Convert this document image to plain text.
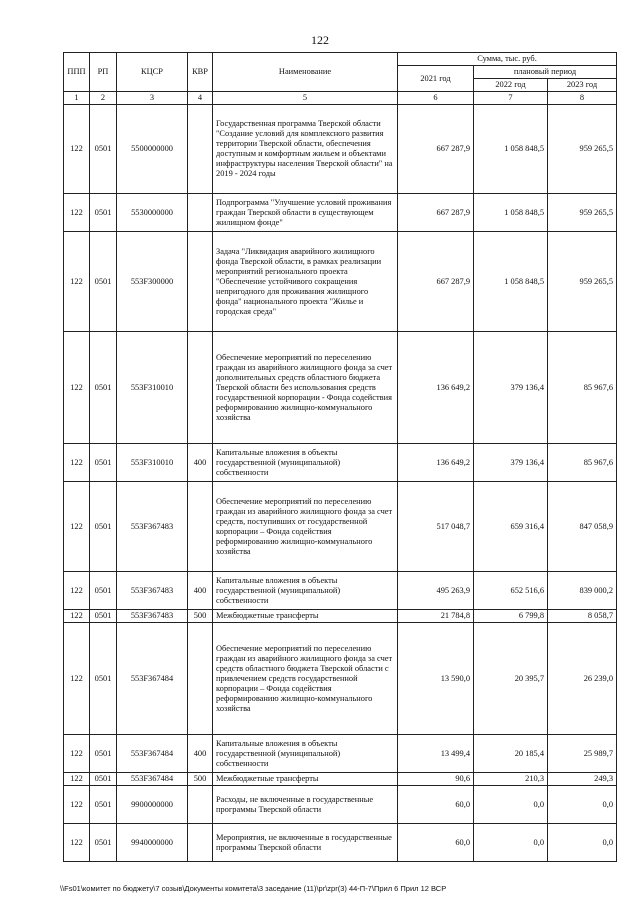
122
ППП	РП	КЦСР	КВР	Наименование	Сумма, тыс. руб.		
					2021 год	плановый период	
						2022 год	2023 год
1	2	3	4	5	6	7	8
122	0501	5500000000		Государственная программа Тверской области "Создание условий для комплексного развития территории Тверской области, обеспечения доступным и комфортным жильем и объектами инфраструктуры населения Тверской области" на 2019 - 2024 годы	667 287,9	1 058 848,5	959 265,5
122	0501	5530000000		Подпрограмма "Улучшение условий проживания граждан Тверской области в существующем жилищном фонде"	667 287,9	1 058 848,5	959 265,5
122	0501	553F300000		Задача "Ликвидация аварийного жилищного фонда Тверской области, в рамках реализации мероприятий регионального проекта "Обеспечение устойчивого сокращения непригодного для проживания жилищного фонда" национального проекта "Жилье и городская среда"	667 287,9	1 058 848,5	959 265,5
122	0501	553F310010		Обеспечение мероприятий по переселению граждан из аварийного жилищного фонда за счет дополнительных средств областного бюджета Тверской области без использования средств государственной корпорации - Фонда содействия реформированию жилищно-коммунального хозяйства	136 649,2	379 136,4	85 967,6
122	0501	553F310010	400	Капитальные вложения в объекты государственной (муниципальной) собственности	136 649,2	379 136,4	85 967,6
122	0501	553F367483		Обеспечение мероприятий по переселению граждан из аварийного жилищного фонда за счет средств, поступивших от государственной корпорации – Фонда содействия реформированию жилищно-коммунального хозяйства	517 048,7	659 316,4	847 058,9
122	0501	553F367483	400	Капитальные вложения в объекты государственной (муниципальной) собственности	495 263,9	652 516,6	839 000,2
122	0501	553F367483	500	Межбюджетные трансферты	21 784,8	6 799,8	8 058,7
122	0501	553F367484		Обеспечение мероприятий по переселению граждан из аварийного жилищного фонда за счет средств областного бюджета Тверской области с привлечением средств государственной корпорации – Фонда содействия реформированию жилищно-коммунального хозяйства	13 590,0	20 395,7	26 239,0
122	0501	553F367484	400	Капитальные вложения в объекты государственной (муниципальной) собственности	13 499,4	20 185,4	25 989,7
122	0501	553F367484	500	Межбюджетные трансферты	90,6	210,3	249,3
122	0501	9900000000		Расходы, не включенные в государственные программы Тверской области	60,0	0,0	0,0
122	0501	9940000000		Мероприятия, не включенные в государственные программы Тверской области	60,0	0,0	0,0
\\Fs01\комитет по бюджету\7 созыв\Документы комитета\3 заседание (11)\pr\zpr(3) 44-П-7\Прил 6 Прил 12 ВСР
